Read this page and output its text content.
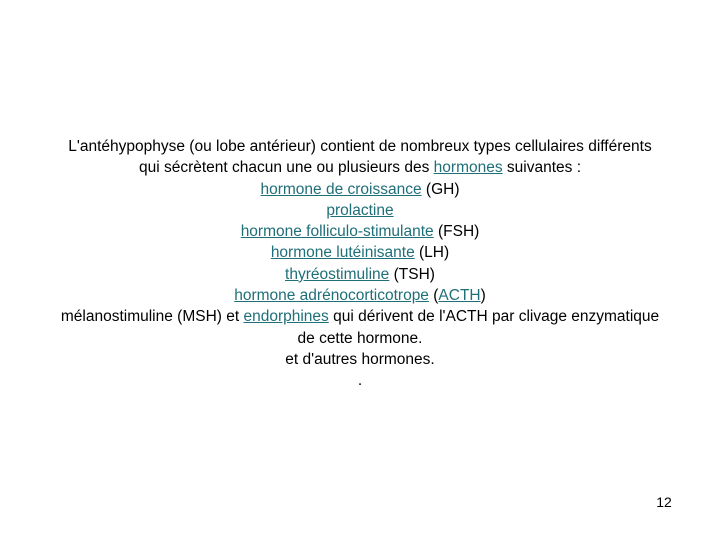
L'antéhypophyse (ou lobe antérieur) contient de nombreux types cellulaires différents
qui sécrètent chacun une ou plusieurs des hormones suivantes :
hormone de croissance (GH)
prolactine
hormone folliculo-stimulante (FSH)
hormone lutéinisante (LH)
thyréostimuline (TSH)
hormone adrénocorticotrope (ACTH)
mélanostimuline (MSH) et endorphines qui dérivent de l'ACTH par clivage enzymatique
de cette hormone.
et d'autres hormones.
.
12
